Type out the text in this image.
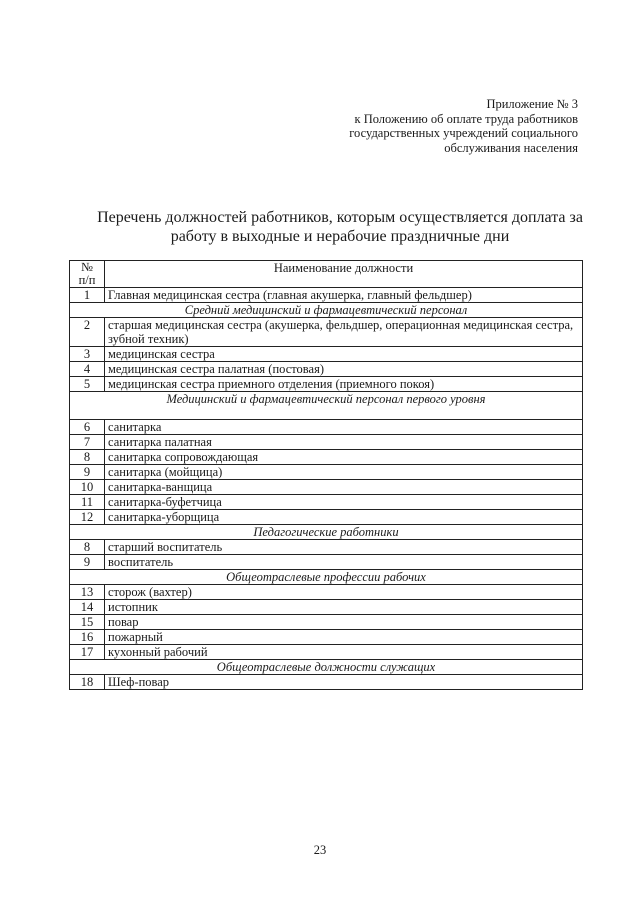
Приложение № 3
к Положению об оплате труда работников
государственных учреждений социального
обслуживания населения
Перечень должностей работников, которым осуществляется доплата за
работу в выходные и нерабочие праздничные дни
№
п/п	Наименование должности
1	Главная медицинская сестра (главная акушерка, главный фельдшер)
Средний медицинский и фармацевтический персонал	
2	старшая медицинская сестра (акушерка, фельдшер, операционная медицинская сестра, зубной техник)
3	медицинская сестра
4	медицинская сестра палатная (постовая)
5	медицинская сестра приемного отделения (приемного покоя)
Медицинский и фармацевтический персонал первого уровня	
6	санитарка
7	санитарка палатная
8	санитарка сопровождающая
9	санитарка (мойщица)
10	санитарка-ванщица
11	санитарка-буфетчица
12	санитарка-уборщица
Педагогические работники	
8	старший воспитатель
9	воспитатель
Общеотраслевые профессии рабочих	
13	сторож (вахтер)
14	истопник
15	повар
16	пожарный
17	кухонный рабочий
Общеотраслевые должности служащих	
18	Шеф-повар
23
